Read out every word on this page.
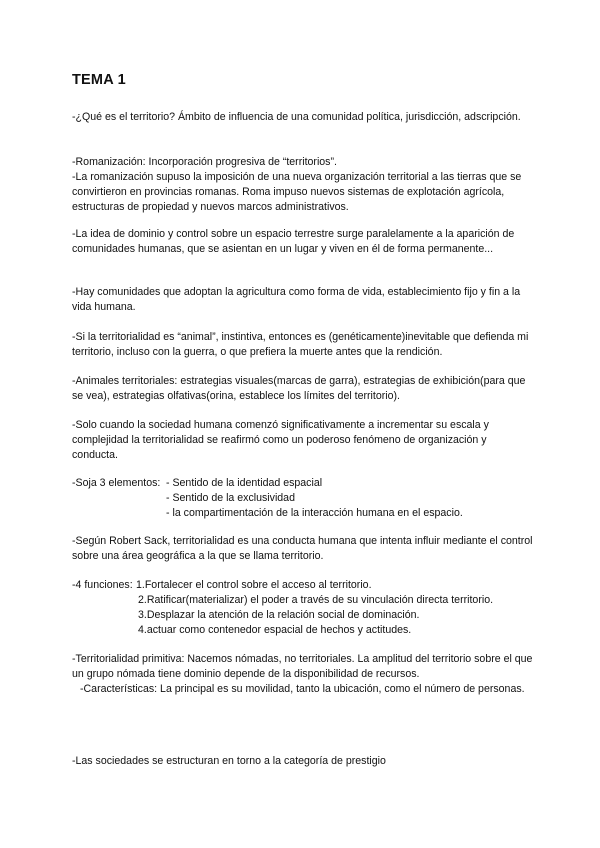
TEMA 1

-¿Qué es el territorio? Ámbito de influencia de una comunidad política, jurisdicción, adscripción.

-Romanización: Incorporación progresiva de “territorios”.

-La romanización supuso la imposición de una nueva organización territorial a las tierras que se convirtieron en provincias romanas. Roma impuso nuevos sistemas de explotación agrícola, estructuras de propiedad y nuevos marcos administrativos.

-La idea de dominio y control sobre un espacio terrestre surge paralelamente a la aparición de comunidades humanas, que se asientan en un lugar y viven en él de forma permanente...

-Hay comunidades que adoptan la agricultura como forma de vida, establecimiento fijo y fin a la vida humana.

-Si la territorialidad es “animal”, instintiva, entonces es (genéticamente)inevitable que defienda mi territorio, incluso con la guerra, o que prefiera la muerte antes que la rendición.

-Animales territoriales: estrategias visuales(marcas de garra), estrategias de exhibición(para que se vea), estrategias olfativas(orina, establece los límites del territorio).

-Solo cuando la sociedad humana comenzó significativamente a incrementar su escala y complejidad la territorialidad se reafirmó como un poderoso fenómeno de organización y conducta.

-Soja 3 elementos: - Sentido de la identidad espacial
- Sentido de la exclusividad
- la compartimentación de la interacción humana en el espacio.

-Según Robert Sack, territorialidad es una conducta humana que intenta influir mediante el control sobre una área geográfica a la que se llama territorio.

-4 funciones: 1.Fortalecer el control sobre el acceso al territorio.
2.Ratificar(materializar) el poder a través de su vinculación directa territorio.
3.Desplazar la atención de la relación social de dominación.
4.actuar como contenedor espacial de hechos y actitudes.

-Territorialidad primitiva: Nacemos nómadas, no territoriales. La amplitud del territorio sobre el que un grupo nómada tiene dominio depende de la disponibilidad de recursos.

-Características: La principal es su movilidad, tanto la ubicación, como el número de personas.

-Las sociedades se estructuran en torno a la categoría de prestigio
